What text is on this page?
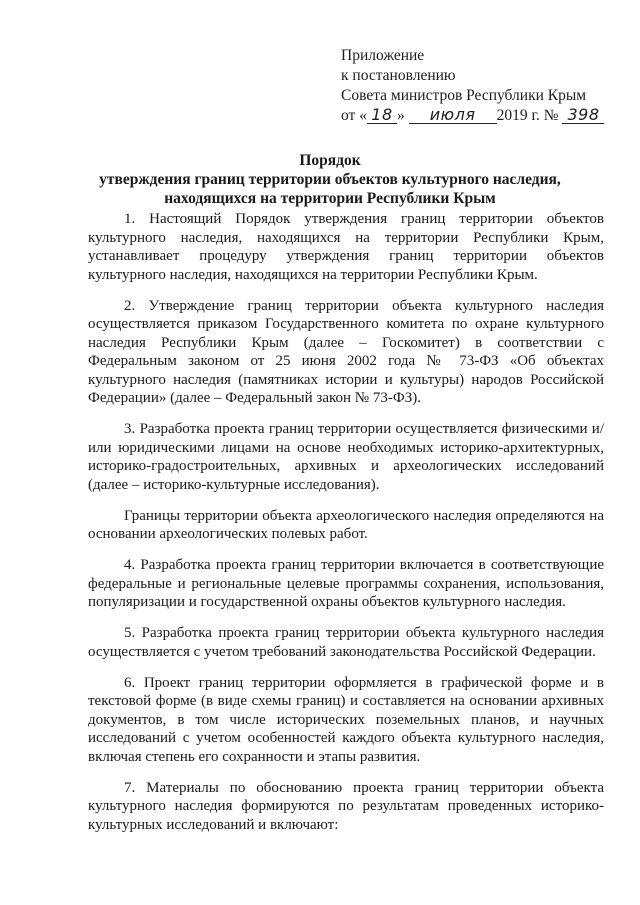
Приложение
к постановлению
Совета министров Республики Крым
от « 18 » июля 2019 г. № 398
Порядок
утверждения границ территории объектов культурного наследия,
находящихся на территории Республики Крым

1. Настоящий Порядок утверждения границ территории объектов культурного наследия, находящихся на территории Республики Крым, устанавливает процедуру утверждения границ территории объектов культурного наследия, находящихся на территории Республики Крым.

2. Утверждение границ территории объекта культурного наследия осуществляется приказом Государственного комитета по охране культурного наследия Республики Крым (далее – Госкомитет) в соответствии с Федеральным законом от 25 июня 2002 года № 73-ФЗ «Об объектах культурного наследия (памятниках истории и культуры) народов Российской Федерации» (далее – Федеральный закон № 73-ФЗ).

3. Разработка проекта границ территории осуществляется физическими и/или юридическими лицами на основе необходимых историко-архитектурных, историко-градостроительных, архивных и археологических исследований (далее – историко-культурные исследования).

Границы территории объекта археологического наследия определяются на основании археологических полевых работ.

4. Разработка проекта границ территории включается в соответствующие федеральные и региональные целевые программы сохранения, использования, популяризации и государственной охраны объектов культурного наследия.

5. Разработка проекта границ территории объекта культурного наследия осуществляется с учетом требований законодательства Российской Федерации.

6. Проект границ территории оформляется в графической форме и в текстовой форме (в виде схемы границ) и составляется на основании архивных документов, в том числе исторических поземельных планов, и научных исследований с учетом особенностей каждого объекта культурного наследия, включая степень его сохранности и этапы развития.

7. Материалы по обоснованию проекта границ территории объекта культурного наследия формируются по результатам проведенных историко-культурных исследований и включают:
